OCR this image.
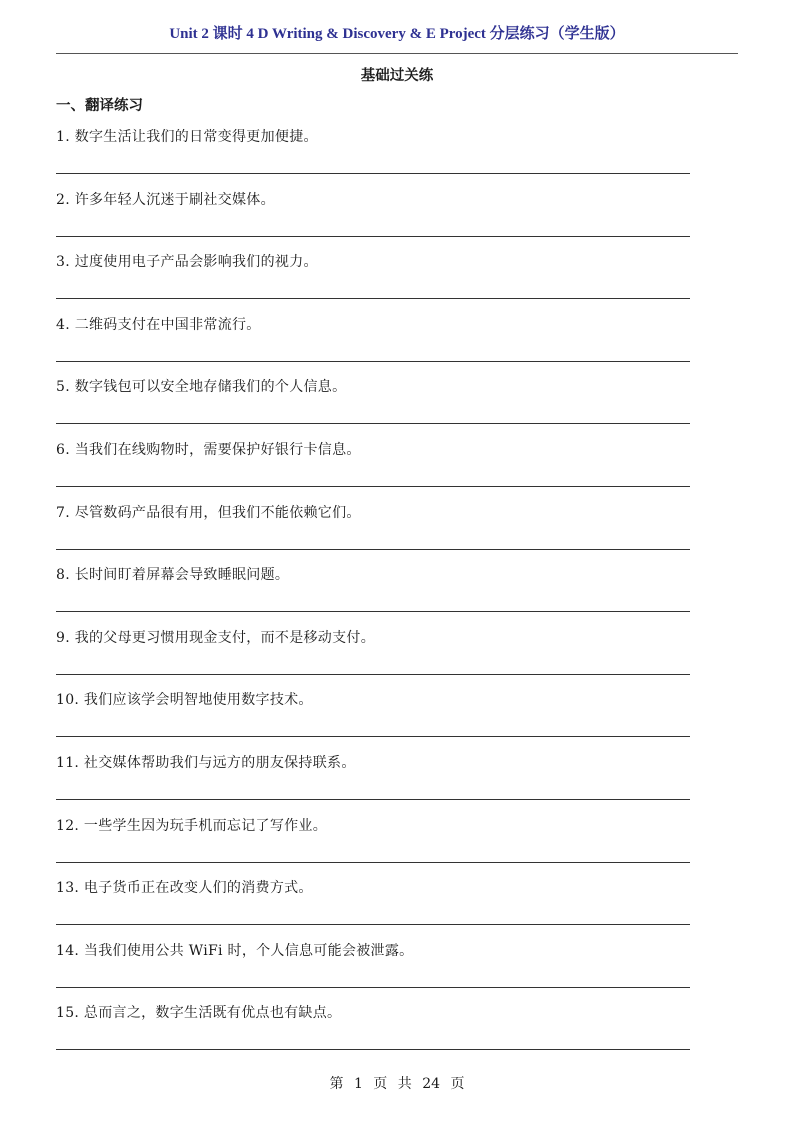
Unit 2 课时 4 D Writing & Discovery & E Project 分层练习（学生版）
基础过关练
一、翻译练习
1. 数字生活让我们的日常变得更加便捷。
2. 许多年轻人沉迷于刷社交媒体。
3. 过度使用电子产品会影响我们的视力。
4. 二维码支付在中国非常流行。
5. 数字钱包可以安全地存储我们的个人信息。
6. 当我们在线购物时，需要保护好银行卡信息。
7. 尽管数码产品很有用，但我们不能依赖它们。
8. 长时间盯着屏幕会导致睡眠问题。
9. 我的父母更习惯用现金支付，而不是移动支付。
10. 我们应该学会明智地使用数字技术。
11. 社交媒体帮助我们与远方的朋友保持联系。
12. 一些学生因为玩手机而忘记了写作业。
13. 电子货币正在改变人们的消费方式。
14. 当我们使用公共 WiFi 时，个人信息可能会被泄露。
15. 总而言之，数字生活既有优点也有缺点。
第 1 页 共 24 页
